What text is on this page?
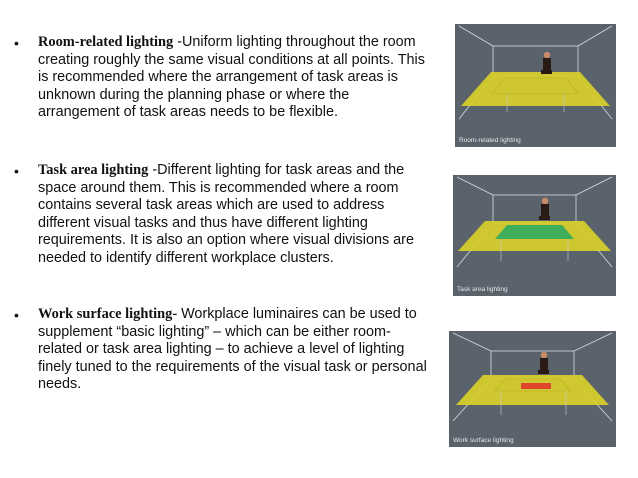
• Room-related lighting -Uniform lighting throughout the room creating roughly the same visual conditions at all points. This is recommended where the arrangement of task areas is unknown during the planning phase or where the arrangement of task areas needs to be flexible.
• Task area lighting -Different lighting for task areas and the space around them. This is recommended where a room contains several task areas which are used to address different visual tasks and thus have different lighting requirements. It is also an option where visual divisions are needed to identify different workplace clusters.
• Work surface lighting- Workplace luminaires can be used to supplement “basic lighting” – which can be either room-related or task area lighting – to achieve a level of lighting finely tuned to the requirements of the visual task or personal needs.
Room-related lighting
Task area lighting
Work surface lighting
